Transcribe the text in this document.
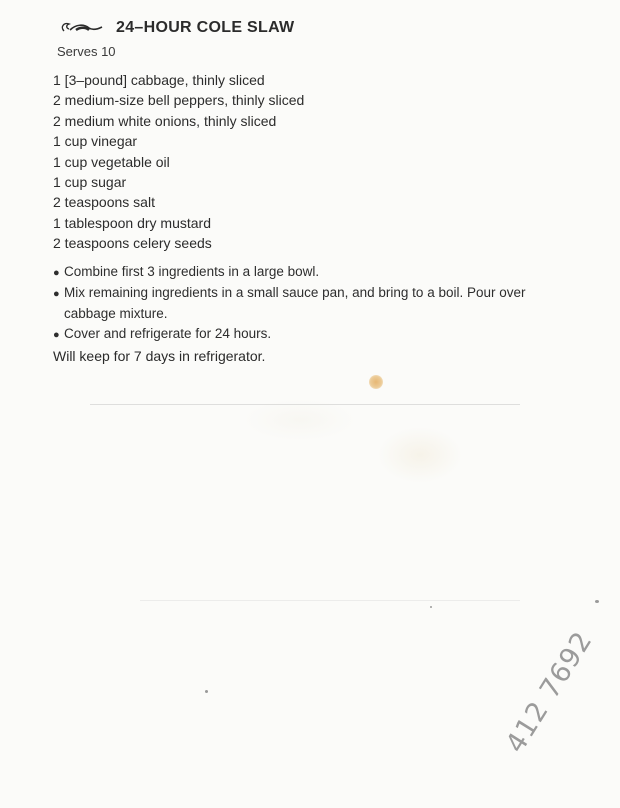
24–HOUR COLE SLAW
Serves 10
1 [3–pound] cabbage, thinly sliced
2 medium-size bell peppers, thinly sliced
2 medium white onions, thinly sliced
1 cup vinegar
1 cup vegetable oil
1 cup sugar
2 teaspoons salt
1 tablespoon dry mustard
2 teaspoons celery seeds
● Combine first 3 ingredients in a large bowl.
● Mix remaining ingredients in a small sauce pan, and bring to a boil. Pour over cabbage mixture.
● Cover and refrigerate for 24 hours.
Will keep for 7 days in refrigerator.
412 7692
